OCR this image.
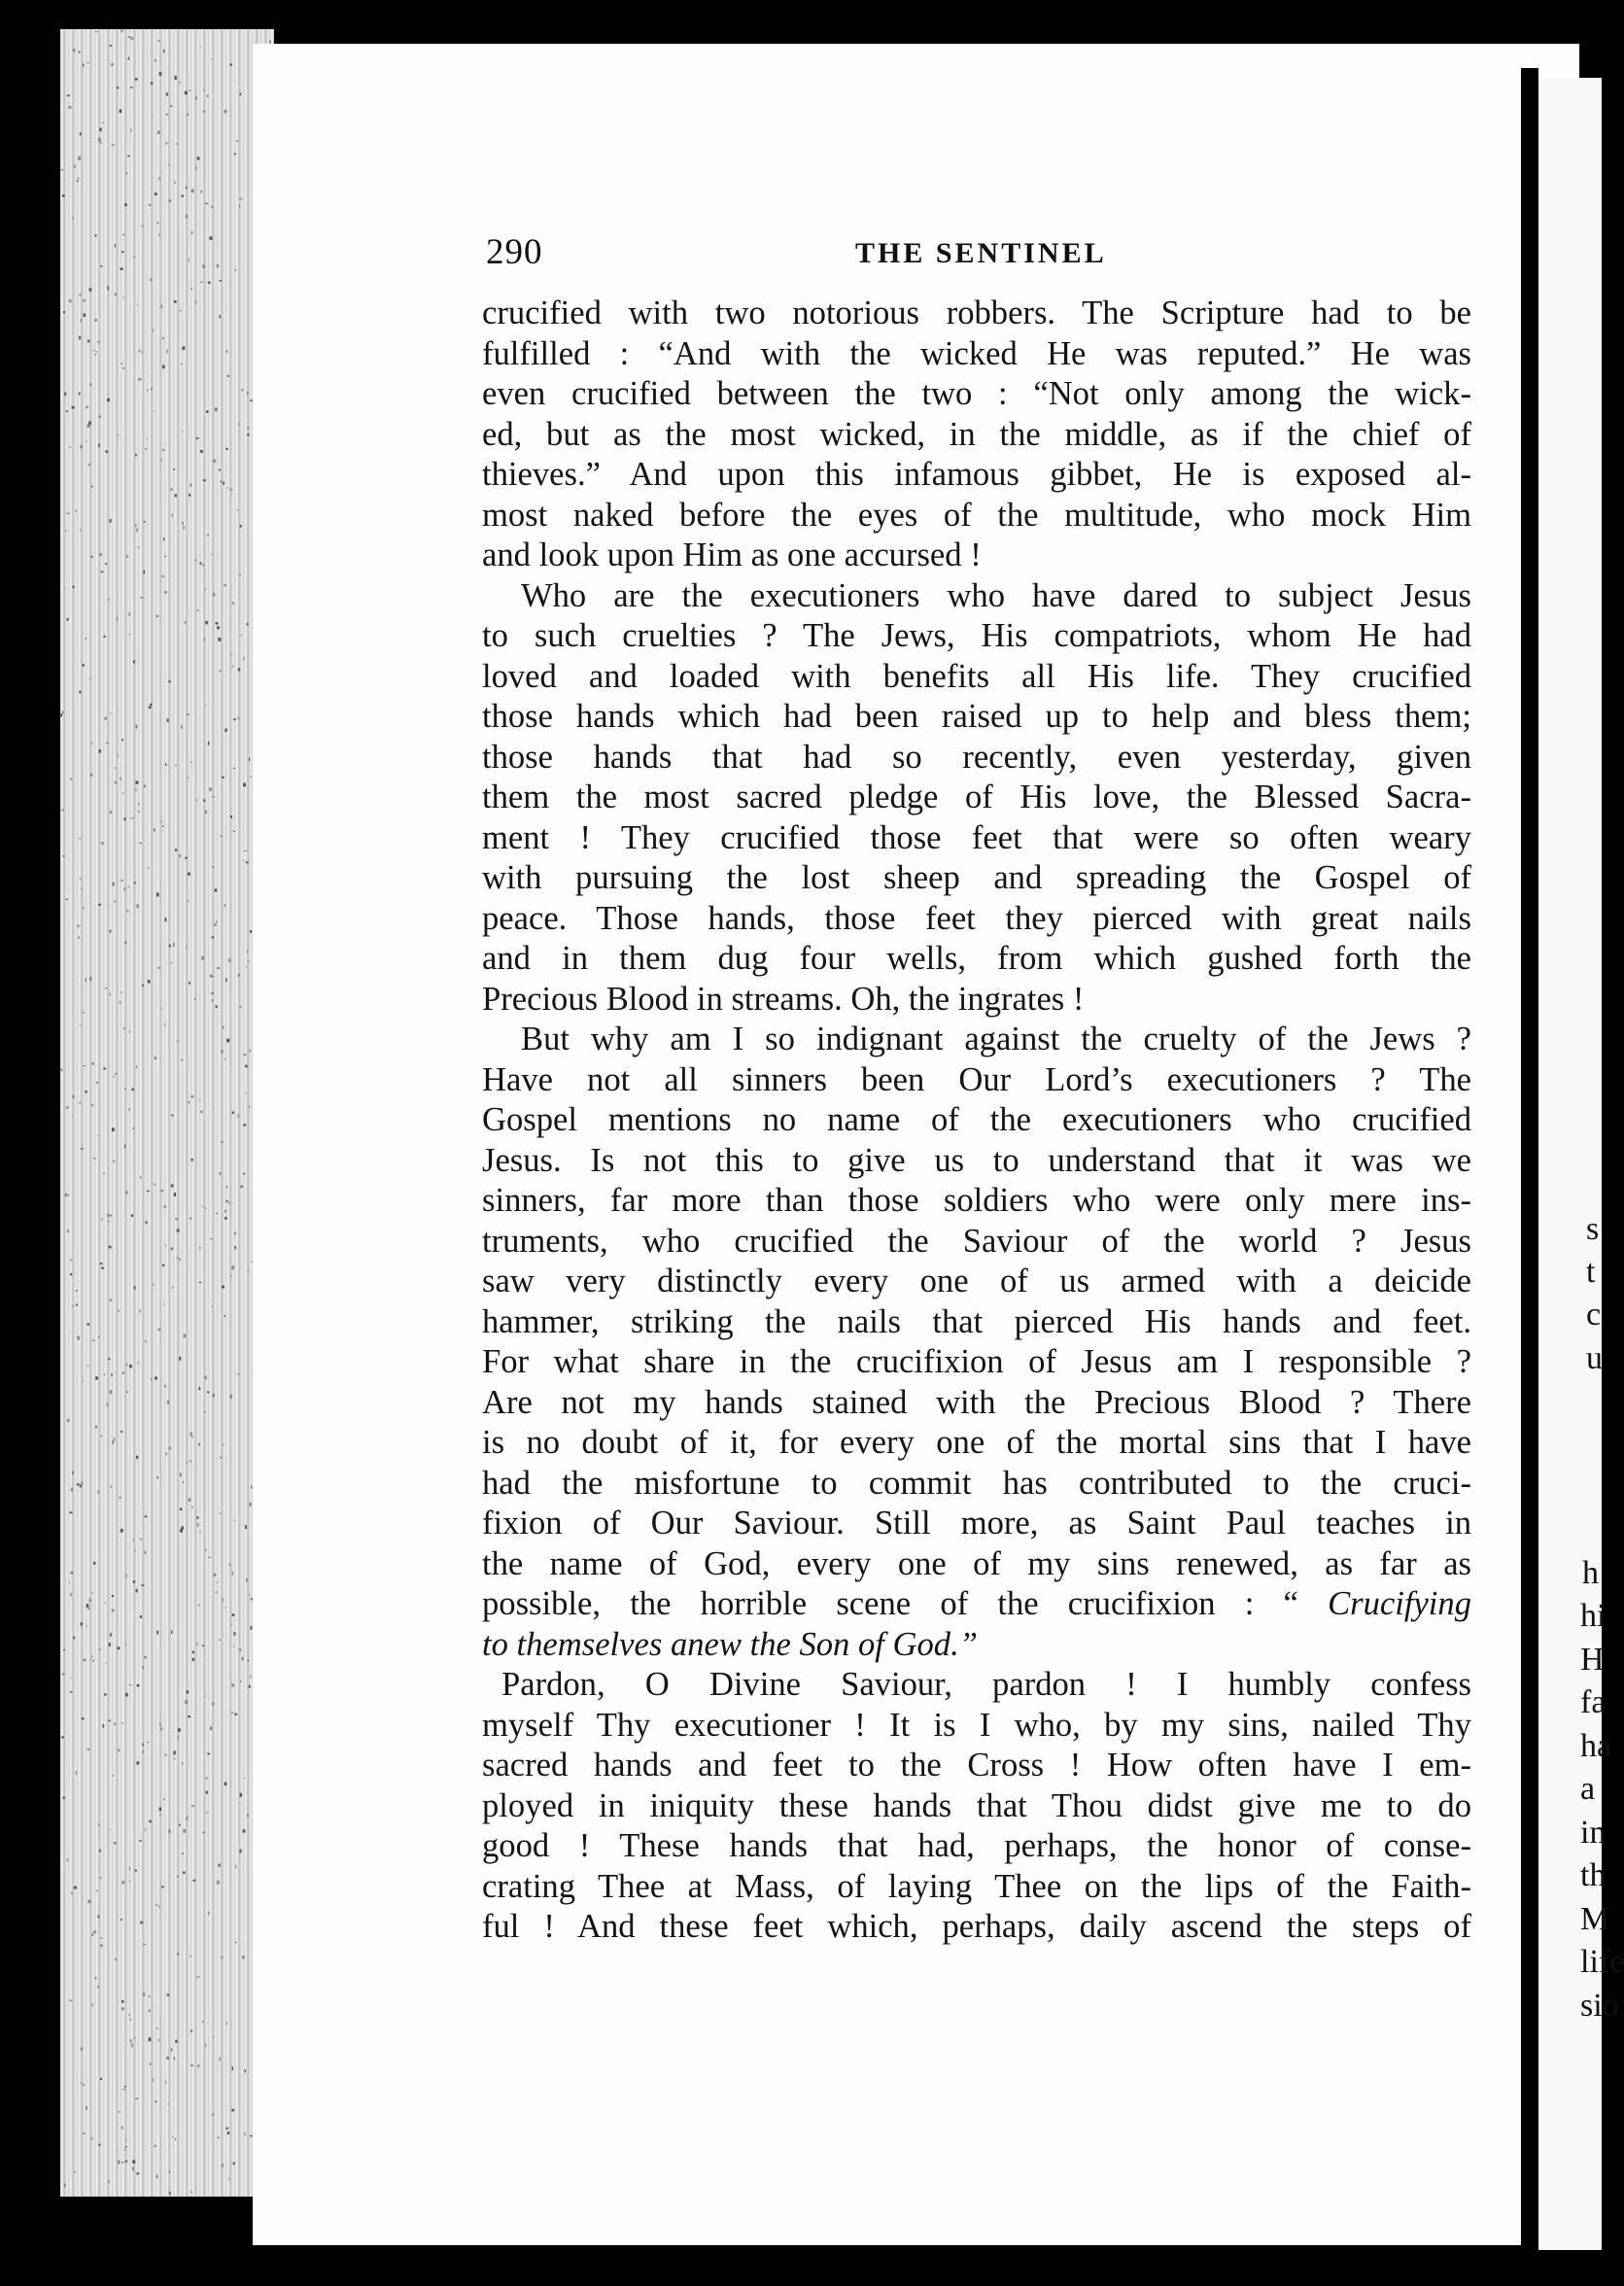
290	THE SENTINEL
crucified with two notorious robbers. The Scripture had to be
fulfilled : “And with the wicked He was reputed.” He was
even crucified between the two : “Not only among the wick-
ed, but as the most wicked, in the middle, as if the chief of
thieves.” And upon this infamous gibbet, He is exposed al-
most naked before the eyes of the multitude, who mock Him
and look upon Him as one accursed !
Who are the executioners who have dared to subject Jesus
to such cruelties ? The Jews, His compatriots, whom He had
loved and loaded with benefits all His life. They crucified
those hands which had been raised up to help and bless them;
those hands that had so recently, even yesterday, given
them the most sacred pledge of His love, the Blessed Sacra-
ment ! They crucified those feet that were so often weary
with pursuing the lost sheep and spreading the Gospel of
peace. Those hands, those feet they pierced with great nails
and in them dug four wells, from which gushed forth the
Precious Blood in streams. Oh, the ingrates !
But why am I so indignant against the cruelty of the Jews ?
Have not all sinners been Our Lord’s executioners ? The
Gospel mentions no name of the executioners who crucified
Jesus. Is not this to give us to understand that it was we
sinners, far more than those soldiers who were only mere ins-
truments, who crucified the Saviour of the world ? Jesus
saw very distinctly every one of us armed with a deicide
hammer, striking the nails that pierced His hands and feet.
For what share in the crucifixion of Jesus am I responsible ?
Are not my hands stained with the Precious Blood ? There
is no doubt of it, for every one of the mortal sins that I have
had the misfortune to commit has contributed to the cruci-
fixion of Our Saviour. Still more, as Saint Paul teaches in
the name of God, every one of my sins renewed, as far as
possible, the horrible scene of the crucifixion : “ Crucifying
to themselves anew the Son of God.”
Pardon, O Divine Saviour, pardon ! I humbly confess
myself Thy executioner ! It is I who, by my sins, nailed Thy
sacred hands and feet to the Cross ! How often have I em-
ployed in iniquity these hands that Thou didst give me to do
good ! These hands that had, perhaps, the honor of conse-
crating Thee at Mass, of laying Thee on the lips of the Faith-
ful ! And these feet which, perhaps, daily ascend the steps of
s
t
c
u
h
hi
H
fa
ha
a
in
th
M
life
sio
